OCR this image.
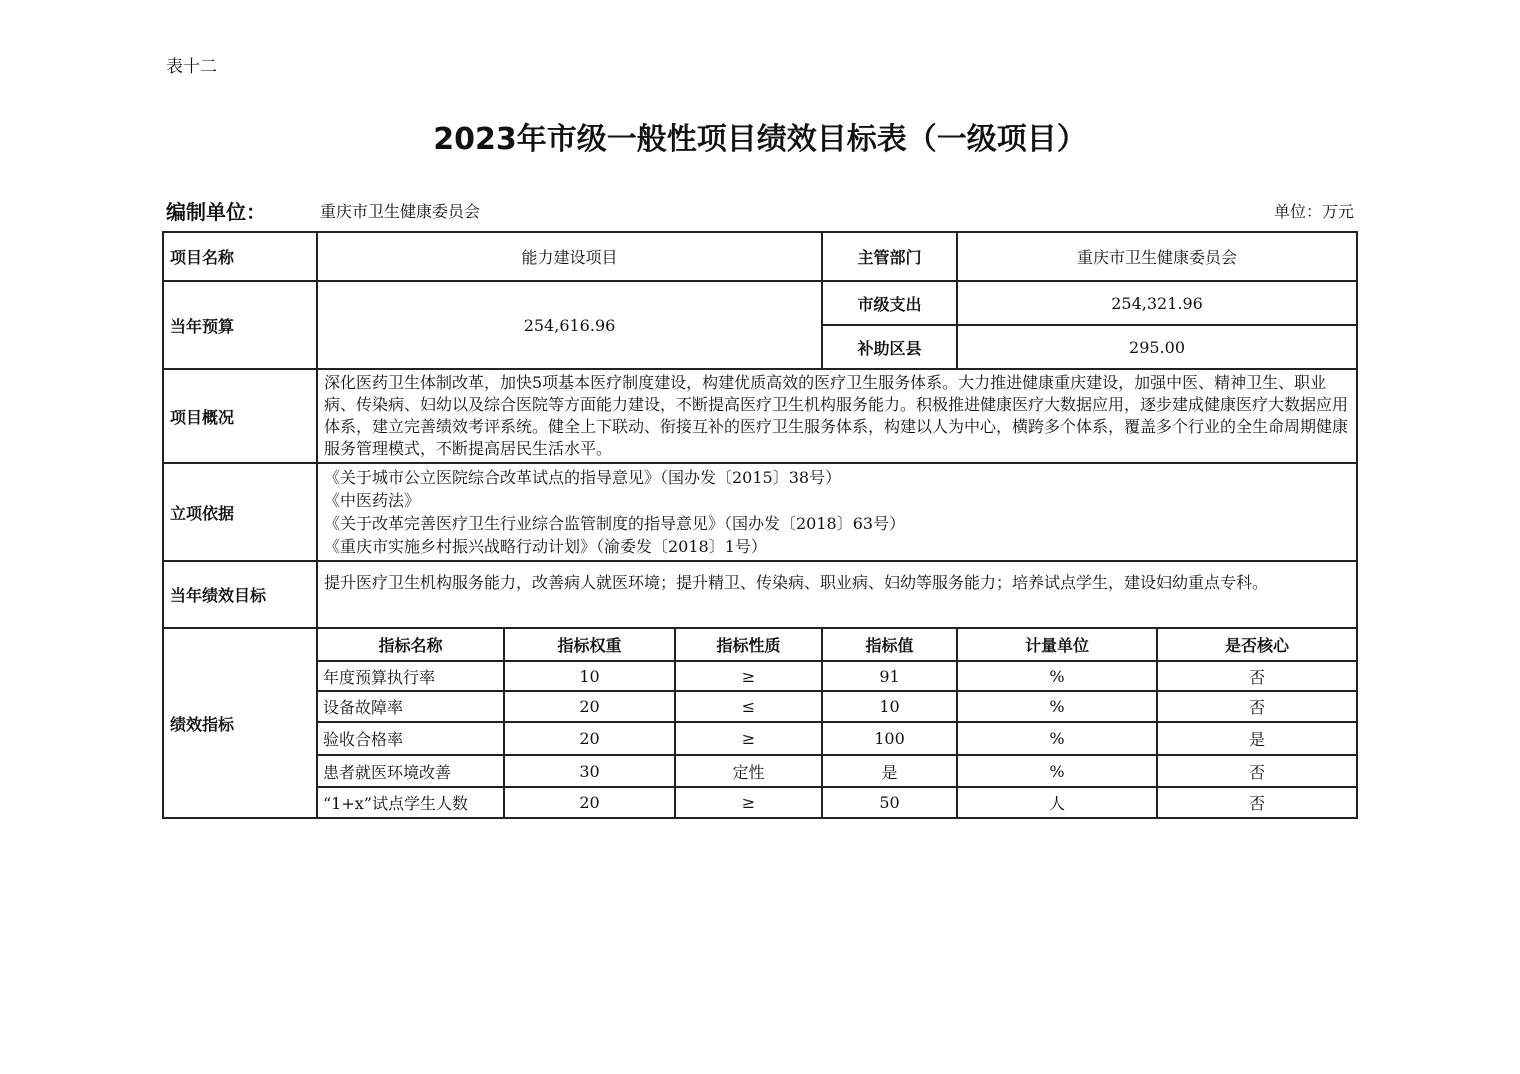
表十二
2023年市级一般性项目绩效目标表（一级项目）
编制单位：	重庆市卫生健康委员会	单位：万元
项目名称	能力建设项目			主管部门	重庆市卫生健康委员会	
当年预算	254,616.96			市级支出	254,321.96	
				补助区县	295.00	
项目概况	深化医药卫生体制改革，加快5项基本医疗制度建设，构建优质高效的医疗卫生服务体系。大力推进健康重庆建设，加强中医、精神卫生、职业病、传染病、妇幼以及综合医院等方面能力建设，不断提高医疗卫生机构服务能力。积极推进健康医疗大数据应用，逐步建成健康医疗大数据应用体系，建立完善绩效考评系统。健全上下联动、衔接互补的医疗卫生服务体系，构建以人为中心，横跨多个体系，覆盖多个行业的全生命周期健康服务管理模式，不断提高居民生活水平。					
立项依据	《关于城市公立医院综合改革试点的指导意见》（国办发〔2015〕38号）
《中医药法》
《关于改革完善医疗卫生行业综合监管制度的指导意见》（国办发〔2018〕63号）
《重庆市实施乡村振兴战略行动计划》（渝委发〔2018〕1号）					

当年绩效目标	提升医疗卫生机构服务能力，改善病人就医环境；提升精卫、传染病、职业病、妇幼等服务能力；培养试点学生，建设妇幼重点专科。					
绩效指标	指标名称	指标权重	指标性质	指标值	计量单位	是否核心
	年度预算执行率	10	≥	91	%	否
	设备故障率	20	≤	10	%	否
	验收合格率	20	≥	100	%	是
	患者就医环境改善	30	定性	是	%	否
	“1+x”试点学生人数	20	≥	50	人	否
